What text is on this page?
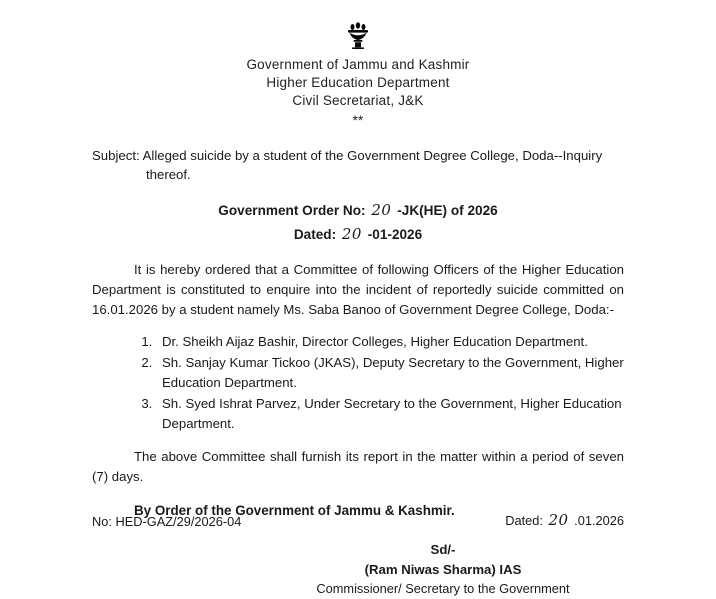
Government of Jammu and Kashmir
Higher Education Department
Civil Secretariat, J&K
**
Subject: Alleged suicide by a student of the Government Degree College, Doda--Inquiry
thereof.
Government Order No: 20 -JK(HE) of 2026
Dated: 20 -01-2026
It is hereby ordered that a Committee of following Officers of the Higher Education Department is constituted to enquire into the incident of reportedly suicide committed on 16.01.2026 by a student namely Ms. Saba Banoo of Government Degree College, Doda:-
1. Dr. Sheikh Aijaz Bashir, Director Colleges, Higher Education Department.
2. Sh. Sanjay Kumar Tickoo (JKAS), Deputy Secretary to the Government, Higher Education Department.
3. Sh. Syed Ishrat Parvez, Under Secretary to the Government, Higher Education Department.
The above Committee shall furnish its report in the matter within a period of seven (7) days.
By Order of the Government of Jammu & Kashmir.
Sd/-
(Ram Niwas Sharma) IAS
Commissioner/ Secretary to the Government
No: HED-GAZ/29/2026-04	Dated: 20 .01.2026
